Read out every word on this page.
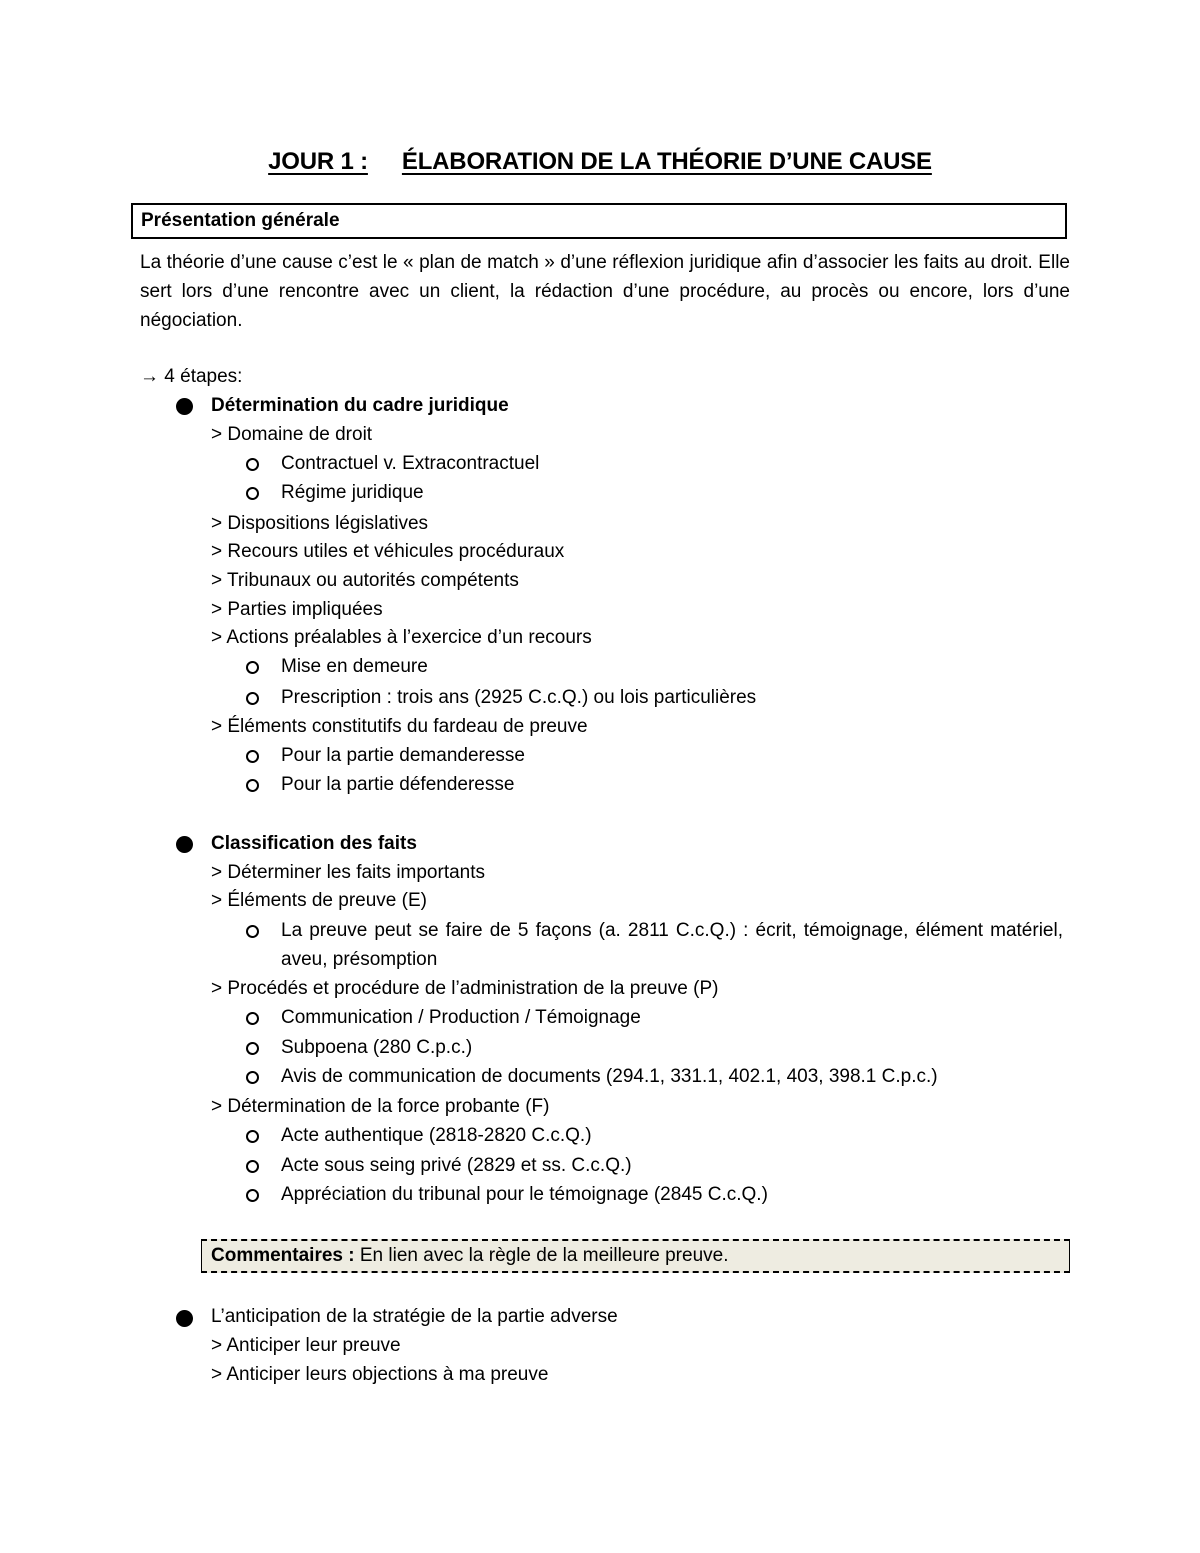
JOUR 1 : ÉLABORATION DE LA THÉORIE D’UNE CAUSE
Présentation générale

La théorie d’une cause c’est le « plan de match » d’une réflexion juridique afin d’associer les faits au droit. Elle sert lors d’une rencontre avec un client, la rédaction d’une procédure, au procès ou encore, lors d’une négociation.

→ 4 étapes:
Détermination du cadre juridique
> Domaine de droit
Contractuel v. Extracontractuel
Régime juridique
> Dispositions législatives
> Recours utiles et véhicules procéduraux
> Tribunaux ou autorités compétents
> Parties impliquées
> Actions préalables à l’exercice d’un recours
Mise en demeure
Prescription : trois ans (2925 C.c.Q.) ou lois particulières
> Éléments constitutifs du fardeau de preuve
Pour la partie demanderesse
Pour la partie défenderesse
Classification des faits
> Déterminer les faits importants
> Éléments de preuve (E)

La preuve peut se faire de 5 façons (a. 2811 C.c.Q.) : écrit, témoignage, élément matériel, aveu, présomption

> Procédés et procédure de l’administration de la preuve (P)
Communication / Production / Témoignage
Subpoena (280 C.p.c.)
Avis de communication de documents (294.1, 331.1, 402.1, 403, 398.1 C.p.c.)
> Détermination de la force probante (F)
Acte authentique (2818-2820 C.c.Q.)
Acte sous seing privé (2829 et ss. C.c.Q.)
Appréciation du tribunal pour le témoignage (2845 C.c.Q.)
Commentaires : En lien avec la règle de la meilleure preuve.
L’anticipation de la stratégie de la partie adverse
> Anticiper leur preuve
> Anticiper leurs objections à ma preuve
